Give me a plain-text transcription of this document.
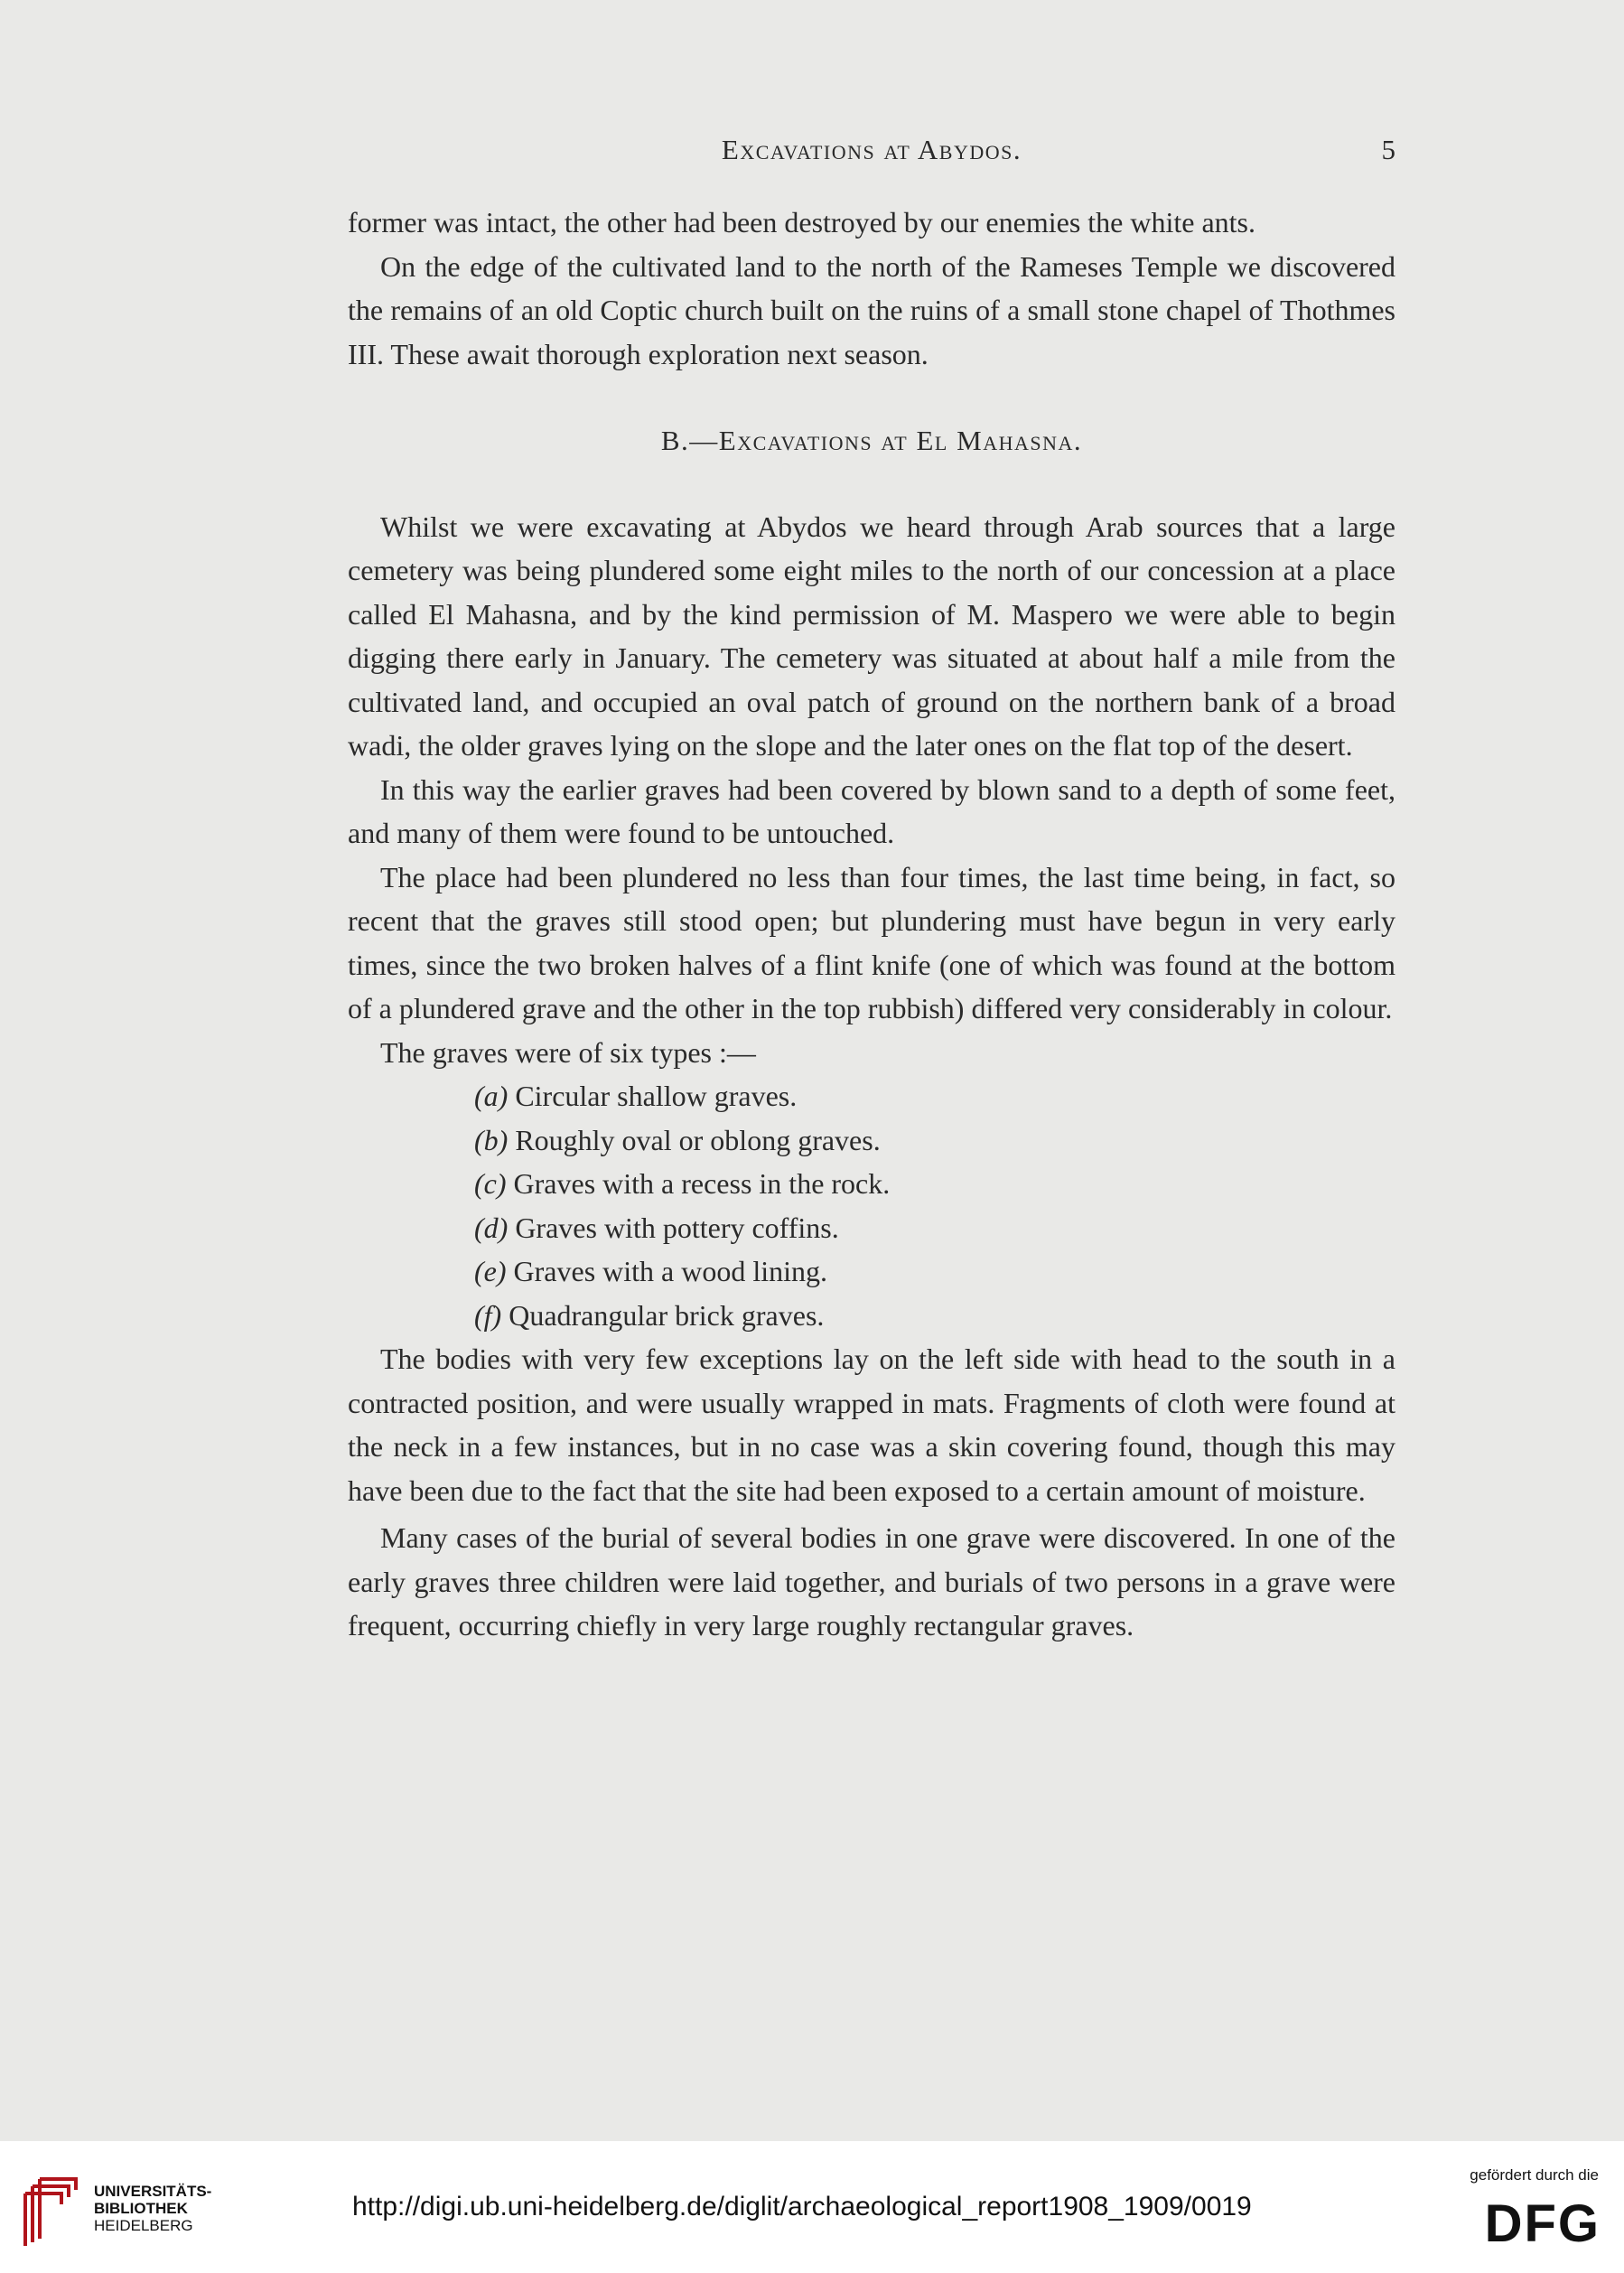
Excavations at Abydos.	5

former was intact, the other had been destroyed by our enemies the white ants.

On the edge of the cultivated land to the north of the Rameses Temple we discovered the remains of an old Coptic church built on the ruins of a small stone chapel of Thothmes III. These await thorough exploration next season.

B.—Excavations at El Mahasna.

Whilst we were excavating at Abydos we heard through Arab sources that a large cemetery was being plundered some eight miles to the north of our concession at a place called El Mahasna, and by the kind permission of M. Maspero we were able to begin digging there early in January. The cemetery was situated at about half a mile from the cultivated land, and occupied an oval patch of ground on the northern bank of a broad wadi, the older graves lying on the slope and the later ones on the flat top of the desert.

In this way the earlier graves had been covered by blown sand to a depth of some feet, and many of them were found to be untouched.

The place had been plundered no less than four times, the last time being, in fact, so recent that the graves still stood open; but plundering must have begun in very early times, since the two broken halves of a flint knife (one of which was found at the bottom of a plundered grave and the other in the top rubbish) differed very considerably in colour.

The graves were of six types :—

(a) Circular shallow graves.
(b) Roughly oval or oblong graves.
(c) Graves with a recess in the rock.
(d) Graves with pottery coffins.
(e) Graves with a wood lining.
(f) Quadrangular brick graves.

The bodies with very few exceptions lay on the left side with head to the south in a contracted position, and were usually wrapped in mats. Fragments of cloth were found at the neck in a few instances, but in no case was a skin covering found, though this may have been due to the fact that the site had been exposed to a certain amount of moisture.

Many cases of the burial of several bodies in one grave were discovered. In one of the early graves three children were laid together, and burials of two persons in a grave were frequent, occurring chiefly in very large roughly rectangular graves.

UNIVERSITÄTS-
BIBLIOTHEK
HEIDELBERG
http://digi.ub.uni-heidelberg.de/diglit/archaeological_report1908_1909/0019
gefördert durch die
DFG
